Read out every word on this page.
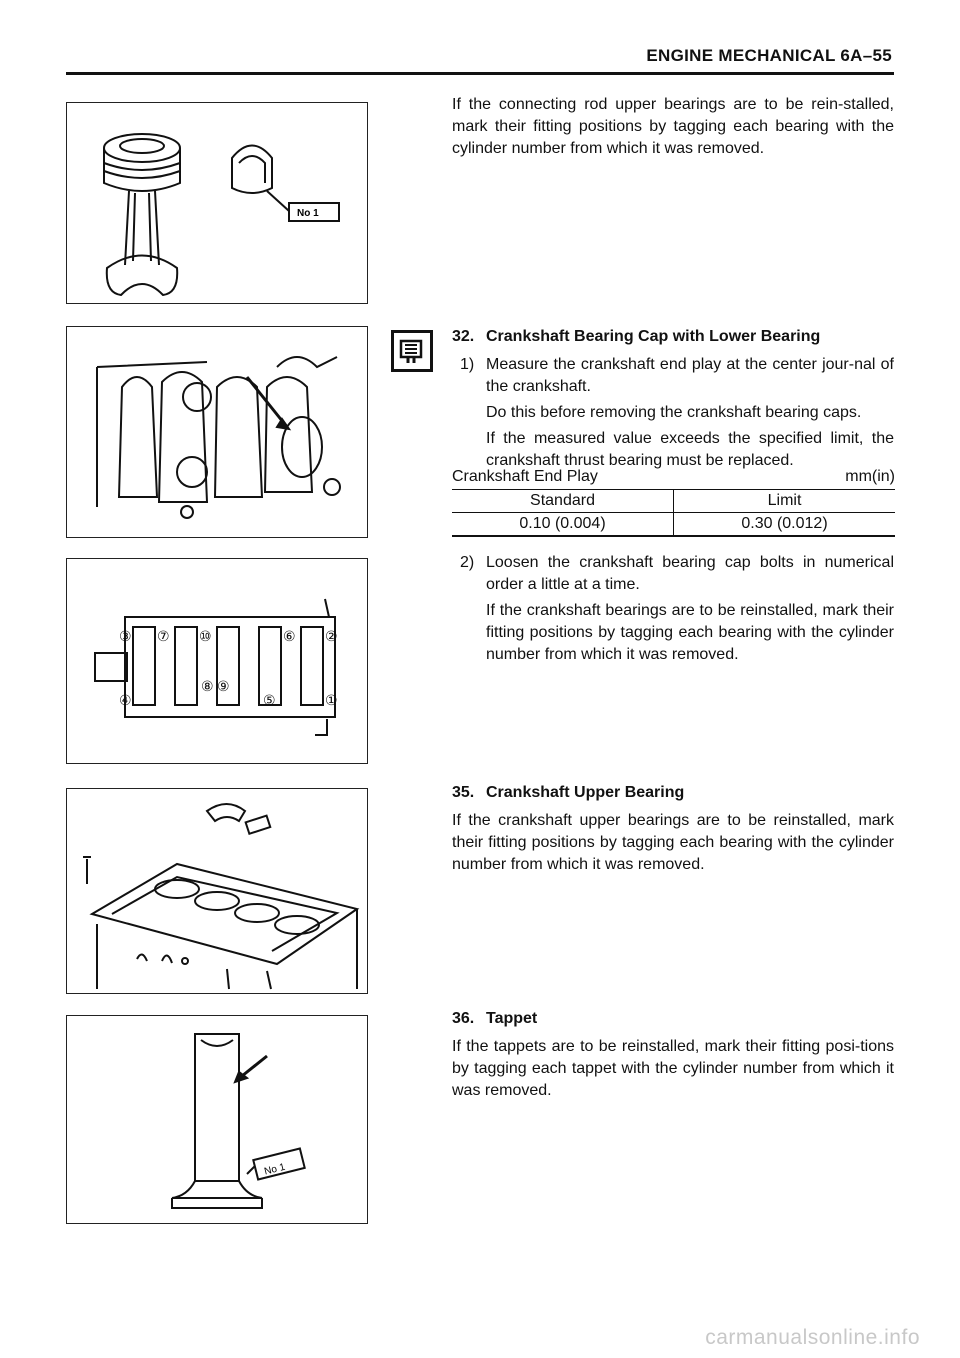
ENGINE MECHANICAL 6A–55
No 1
③ ⑦ ⑩	⑥ ②
④
⑧ ⑨
⑤	①
No 1

If the connecting rod upper bearings are to be rein-stalled, mark their fitting positions by tagging each bearing with the cylinder number from which it was removed.

32. Crankshaft Bearing Cap with Lower Bearing

1) Measure the crankshaft end play at the center jour-nal of the crankshaft.

Do this before removing the crankshaft bearing caps.

If the measured value exceeds the specified limit, the crankshaft thrust bearing must be replaced.

Crankshaft End Play	mm(in)
Standard	Limit
0.10 (0.004)	0.30 (0.012)

2) Loosen the crankshaft bearing cap bolts in numerical order a little at a time.

If the crankshaft bearings are to be reinstalled, mark their fitting positions by tagging each bearing with the cylinder number from which it was removed.

35. Crankshaft Upper Bearing

If the crankshaft upper bearings are to be reinstalled, mark their fitting positions by tagging each bearing with the cylinder number from which it was removed.

36. Tappet

If the tappets are to be reinstalled, mark their fitting posi-tions by tagging each tappet with the cylinder number from which it was removed.

carmanualsonline.info
